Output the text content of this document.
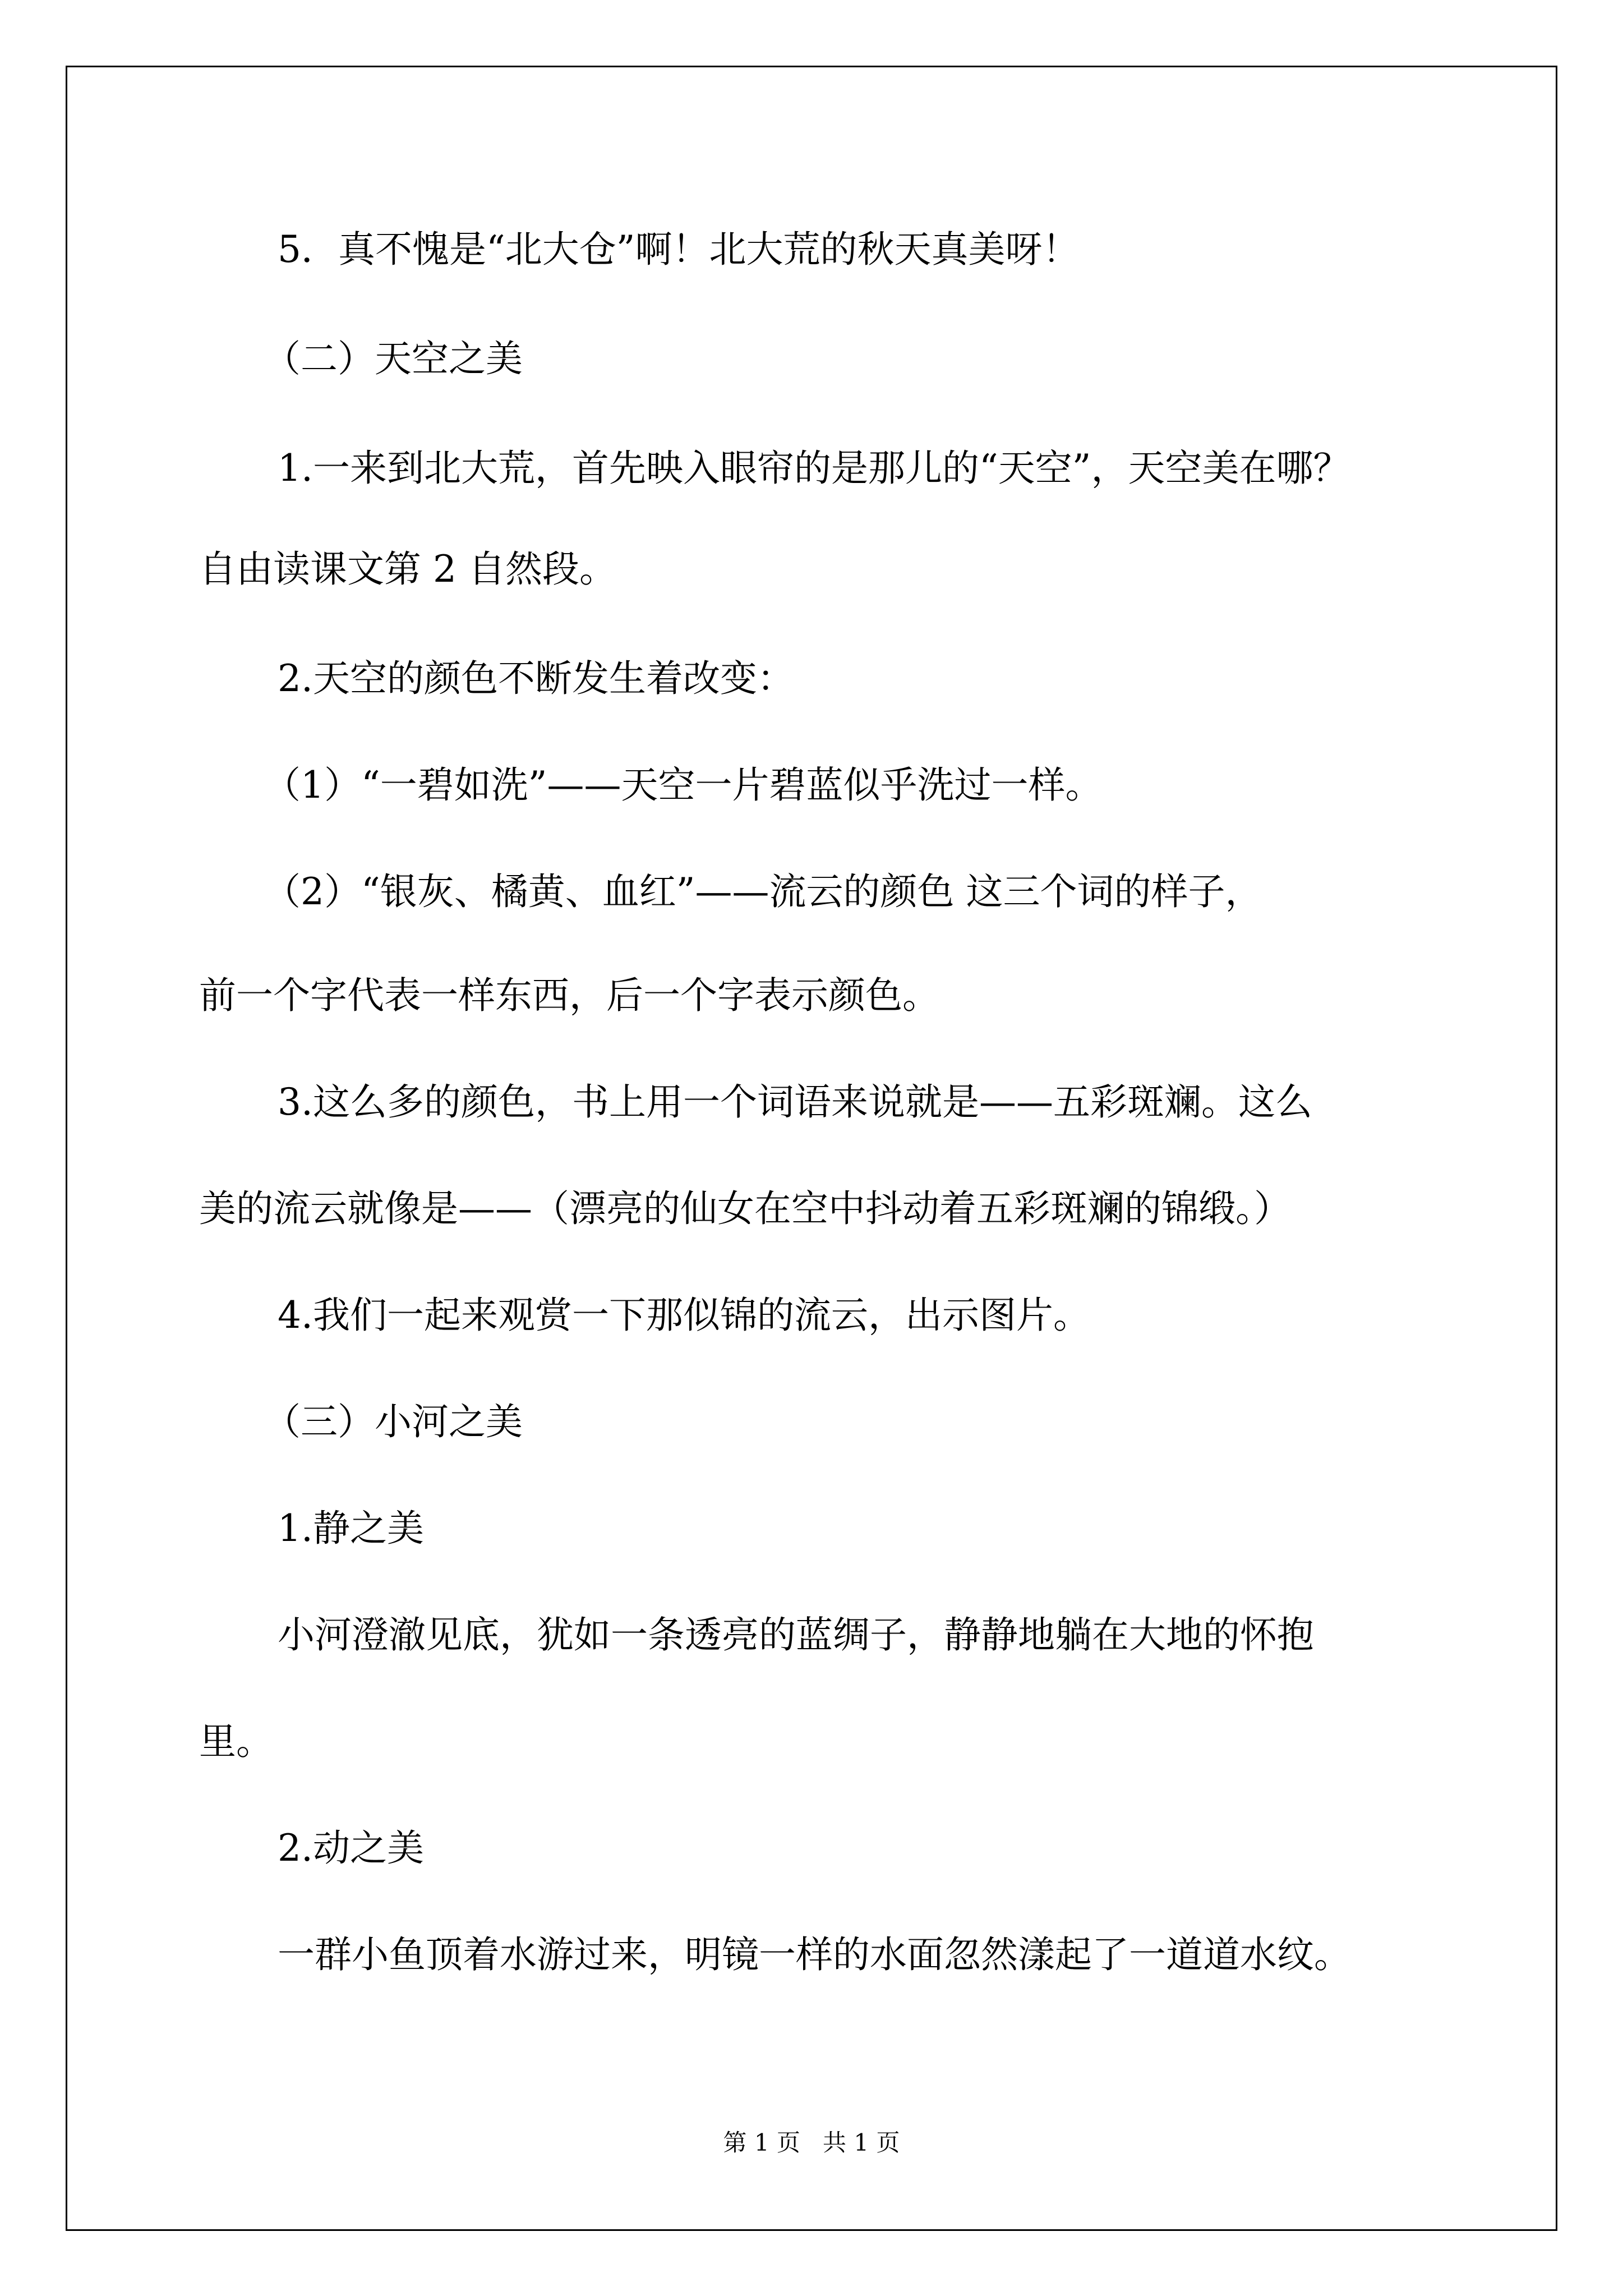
5．真不愧是“北大仓”啊！北大荒的秋天真美呀！
（二）天空之美
1.一来到北大荒，首先映入眼帘的是那儿的“天空”，天空美在哪？
自由读课文第 2 自然段。
2.天空的颜色不断发生着改变：
（1）“一碧如洗”——天空一片碧蓝似乎洗过一样。
（2）“银灰、橘黄、血红”——流云的颜色 这三个词的样子，
前一个字代表一样东西，后一个字表示颜色。
3.这么多的颜色，书上用一个词语来说就是——五彩斑斓。这么
美的流云就像是——（漂亮的仙女在空中抖动着五彩斑斓的锦缎。）
4.我们一起来观赏一下那似锦的流云，出示图片。
（三）小河之美
1.静之美
小河澄澈见底，犹如一条透亮的蓝绸子，静静地躺在大地的怀抱
里。
2.动之美
一群小鱼顶着水游过来，明镜一样的水面忽然漾起了一道道水纹。
第 1 页   共 1 页
